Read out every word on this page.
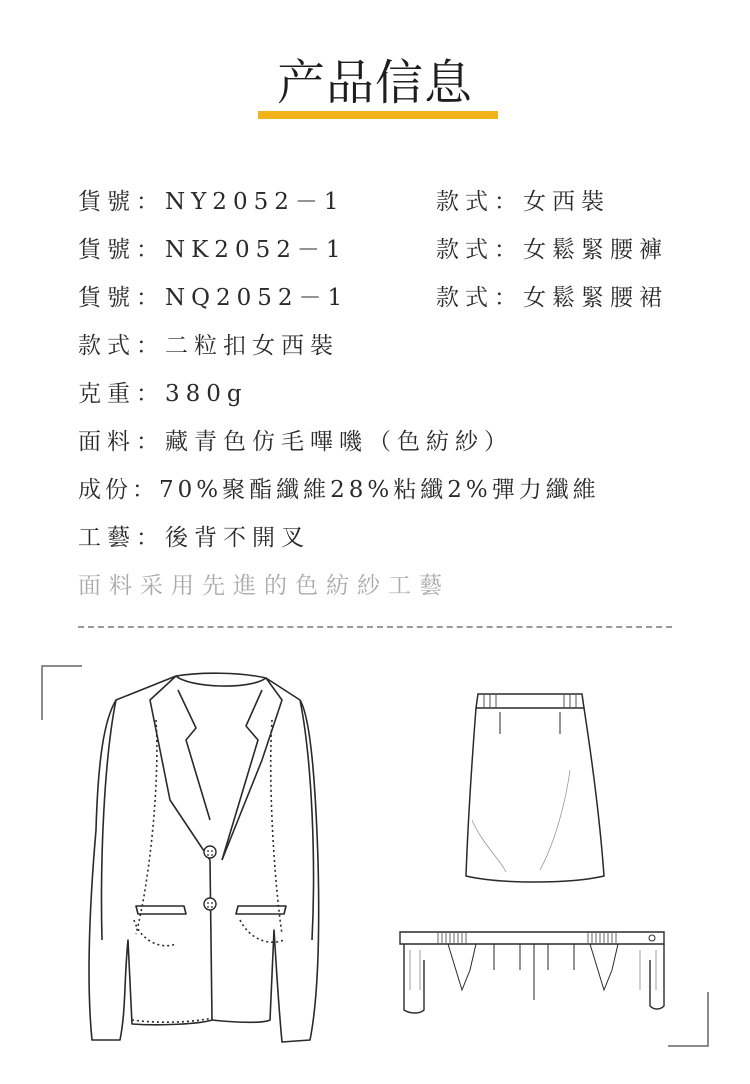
产品信息
貨號：NY2052－1
貨號：NK2052－1
貨號：NQ2052－1
款式：二粒扣女西裝
克重：380g
面料：藏青色仿毛嗶嘰（色紡紗）
成份：70%聚酯纖維28%粘纖2%彈力纖維
工藝：後背不開叉
款式：女西裝
款式：女鬆緊腰褲
款式：女鬆緊腰裙
面料采用先進的色紡紗工藝
